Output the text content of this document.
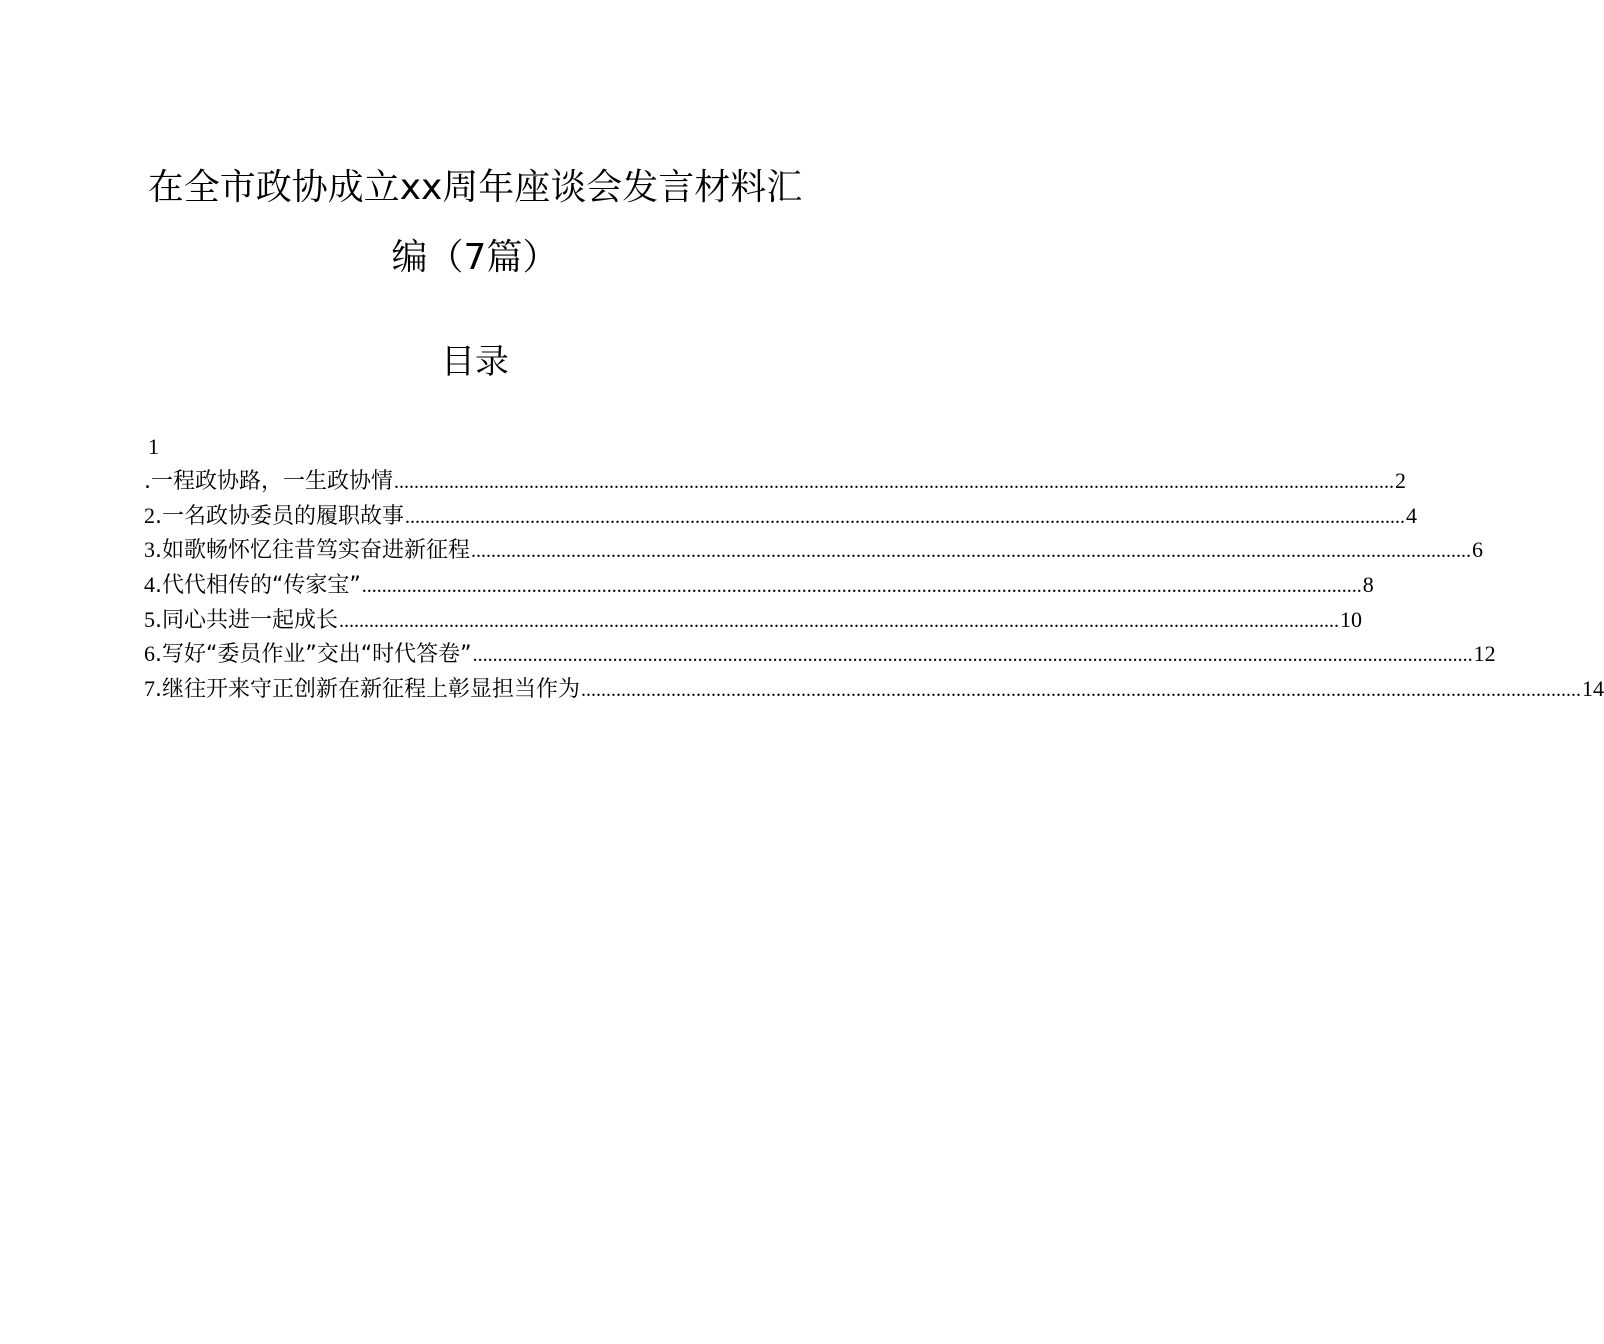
在全市政协成立xx周年座谈会发言材料汇
编（7篇）
目录
1
.一程政协路，一生政协情 ........................................................................................................................................................................................................ 2
2.一名政协委员的履职故事 ........................................................................................................................................................................................................ 4
3.如歌畅怀忆往昔笃实奋进新征程 ........................................................................................................................................................................................................ 6
4.代代相传的“传家宝” ........................................................................................................................................................................................................ 8
5.同心共进一起成长 ........................................................................................................................................................................................................ 10
6.写好“委员作业”交出“时代答卷” ........................................................................................................................................................................................................ 12
7.继往开来守正创新在新征程上彰显担当作为 ........................................................................................................................................................................................................ 14
